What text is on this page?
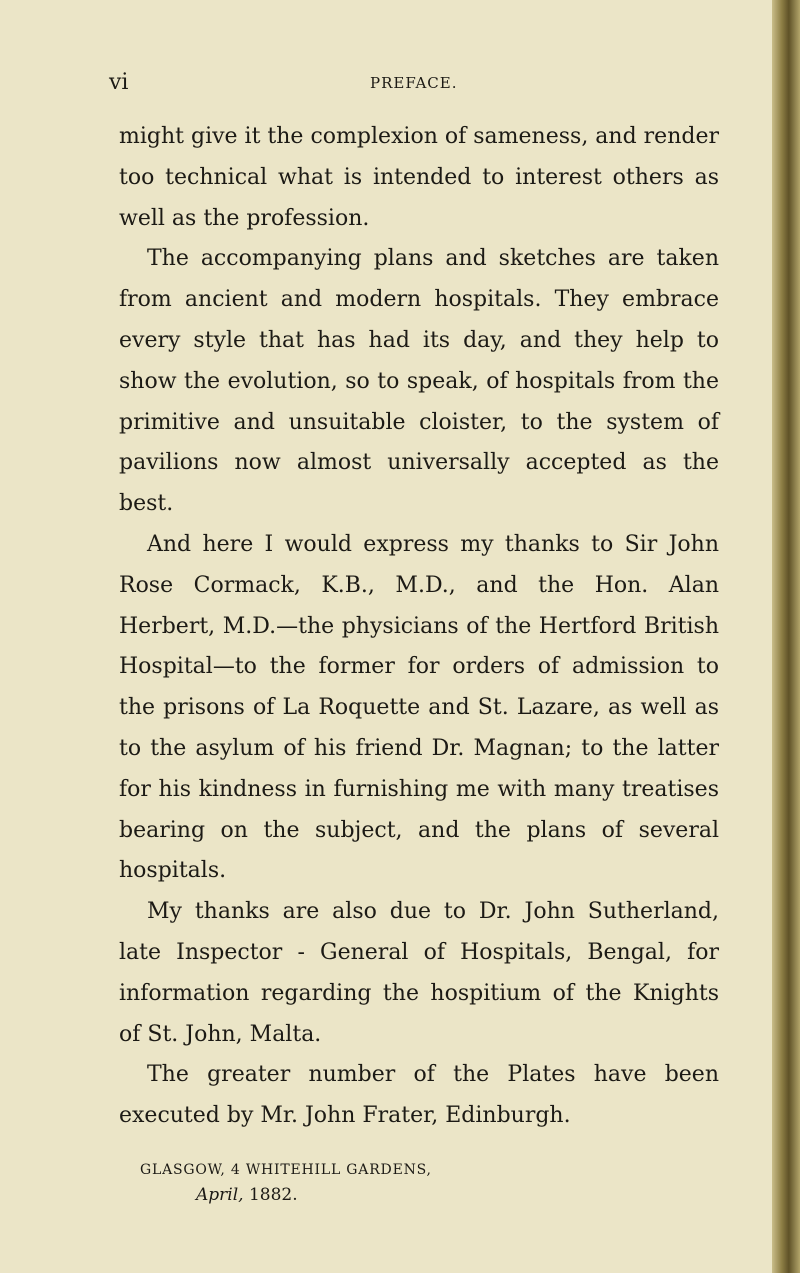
vi	PREFACE.

might give it the complexion of sameness, and render too technical what is intended to interest others as well as the profession.

The accompanying plans and sketches are taken from ancient and modern hospitals. They embrace every style that has had its day, and they help to show the evolution, so to speak, of hospitals from the primitive and unsuitable cloister, to the system of pavilions now almost universally accepted as the best.

And here I would express my thanks to Sir John Rose Cormack, K.B., M.D., and the Hon. Alan Herbert, M.D.—the physicians of the Hertford British Hospital—to the former for orders of admission to the prisons of La Roquette and St. Lazare, as well as to the asylum of his friend Dr. Magnan; to the latter for his kindness in furnishing me with many treatises bearing on the subject, and the plans of several hospitals.

My thanks are also due to Dr. John Sutherland, late Inspector - General of Hospitals, Bengal, for information regarding the hospitium of the Knights of St. John, Malta.

The greater number of the Plates have been executed by Mr. John Frater, Edinburgh.

GLASGOW, 4 WHITEHILL GARDENS,
April, 1882.
